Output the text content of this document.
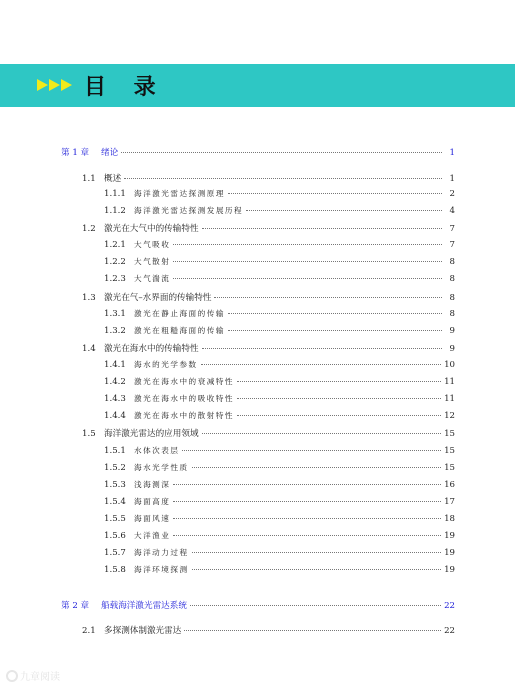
目 录
第 1 章	绪论	1
1.1 概述	1
1.1.1	海洋激光雷达探测原理	2
1.1.2	海洋激光雷达探测发展历程	4
1.2 激光在大气中的传输特性	7
1.2.1	大气吸收	7
1.2.2	大气散射	8
1.2.3	大气湍流	8
1.3 激光在气–水界面的传输特性	8
1.3.1	激光在静止海面的传输	8
1.3.2	激光在粗糙海面的传输	9
1.4 激光在海水中的传输特性	9
1.4.1	海水的光学参数	10
1.4.2	激光在海水中的衰减特性	11
1.4.3	激光在海水中的吸收特性	11
1.4.4	激光在海水中的散射特性	12
1.5 海洋激光雷达的应用领域	15
1.5.1	水体次表层	15
1.5.2	海水光学性质	15
1.5.3	浅海测深	16
1.5.4	海面高度	17
1.5.5	海面风速	18
1.5.6	大洋渔业	19
1.5.7	海洋动力过程	19
1.5.8	海洋环境探测	19
第 2 章	船载海洋激光雷达系统	22
2.1 多探测体制激光雷达	22
九章阅读
